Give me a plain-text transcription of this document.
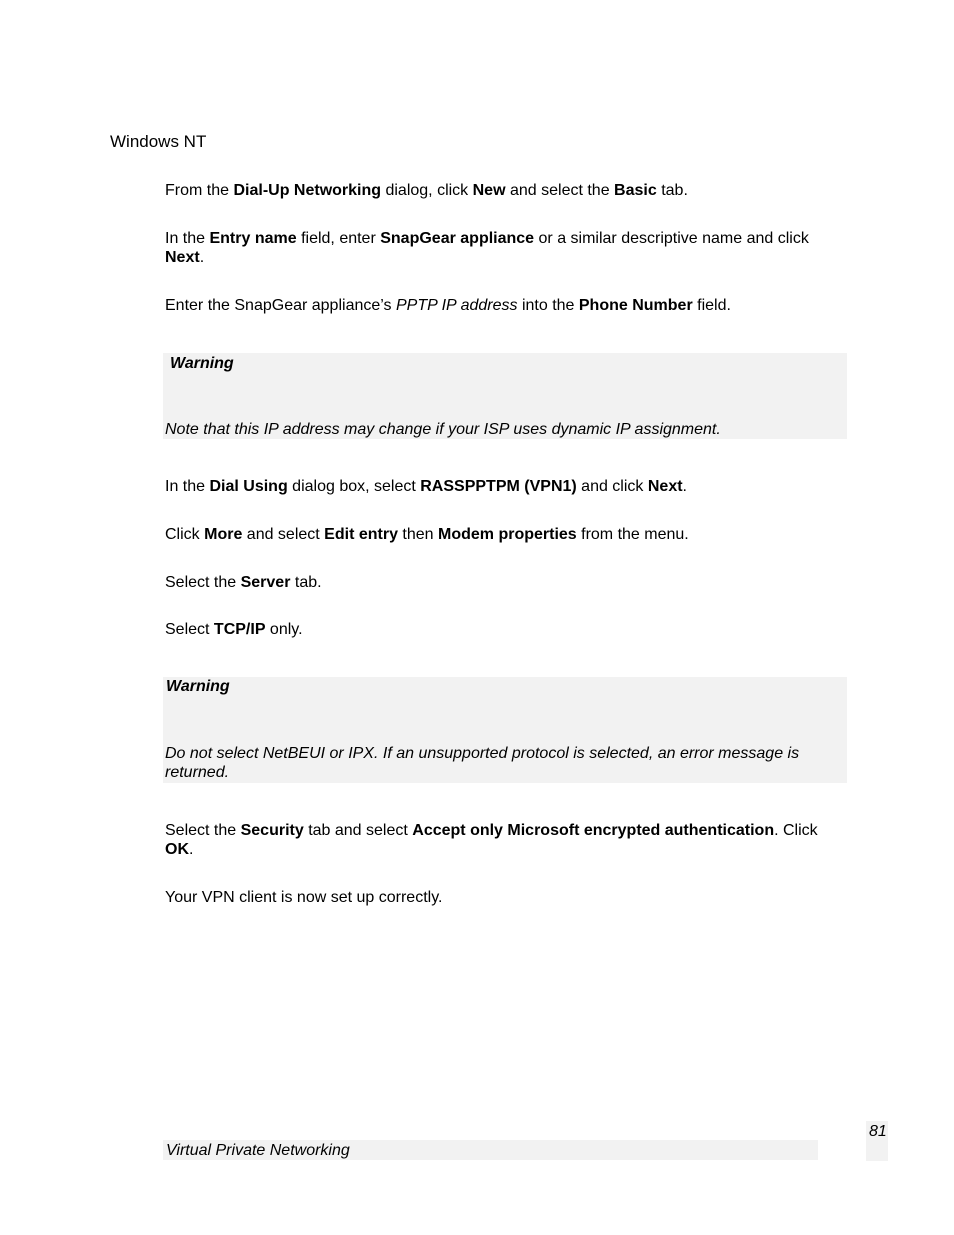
Windows NT
From the Dial-Up Networking dialog, click New and select the Basic tab.
In the Entry name field, enter SnapGear appliance or a similar descriptive name and click Next.
Enter the SnapGear appliance’s PPTP IP address into the Phone Number field.
Warning
Note that this IP address may change if your ISP uses dynamic IP assignment.
In the Dial Using dialog box, select RASSPPTPM (VPN1) and click Next.
Click More and select Edit entry then Modem properties from the menu.
Select the Server tab.
Select TCP/IP only.
Warning
Do not select NetBEUI or IPX. If an unsupported protocol is selected, an error message is returned.
Select the Security tab and select Accept only Microsoft encrypted authentication. Click OK.
Your VPN client is now set up correctly.
81
Virtual Private Networking
